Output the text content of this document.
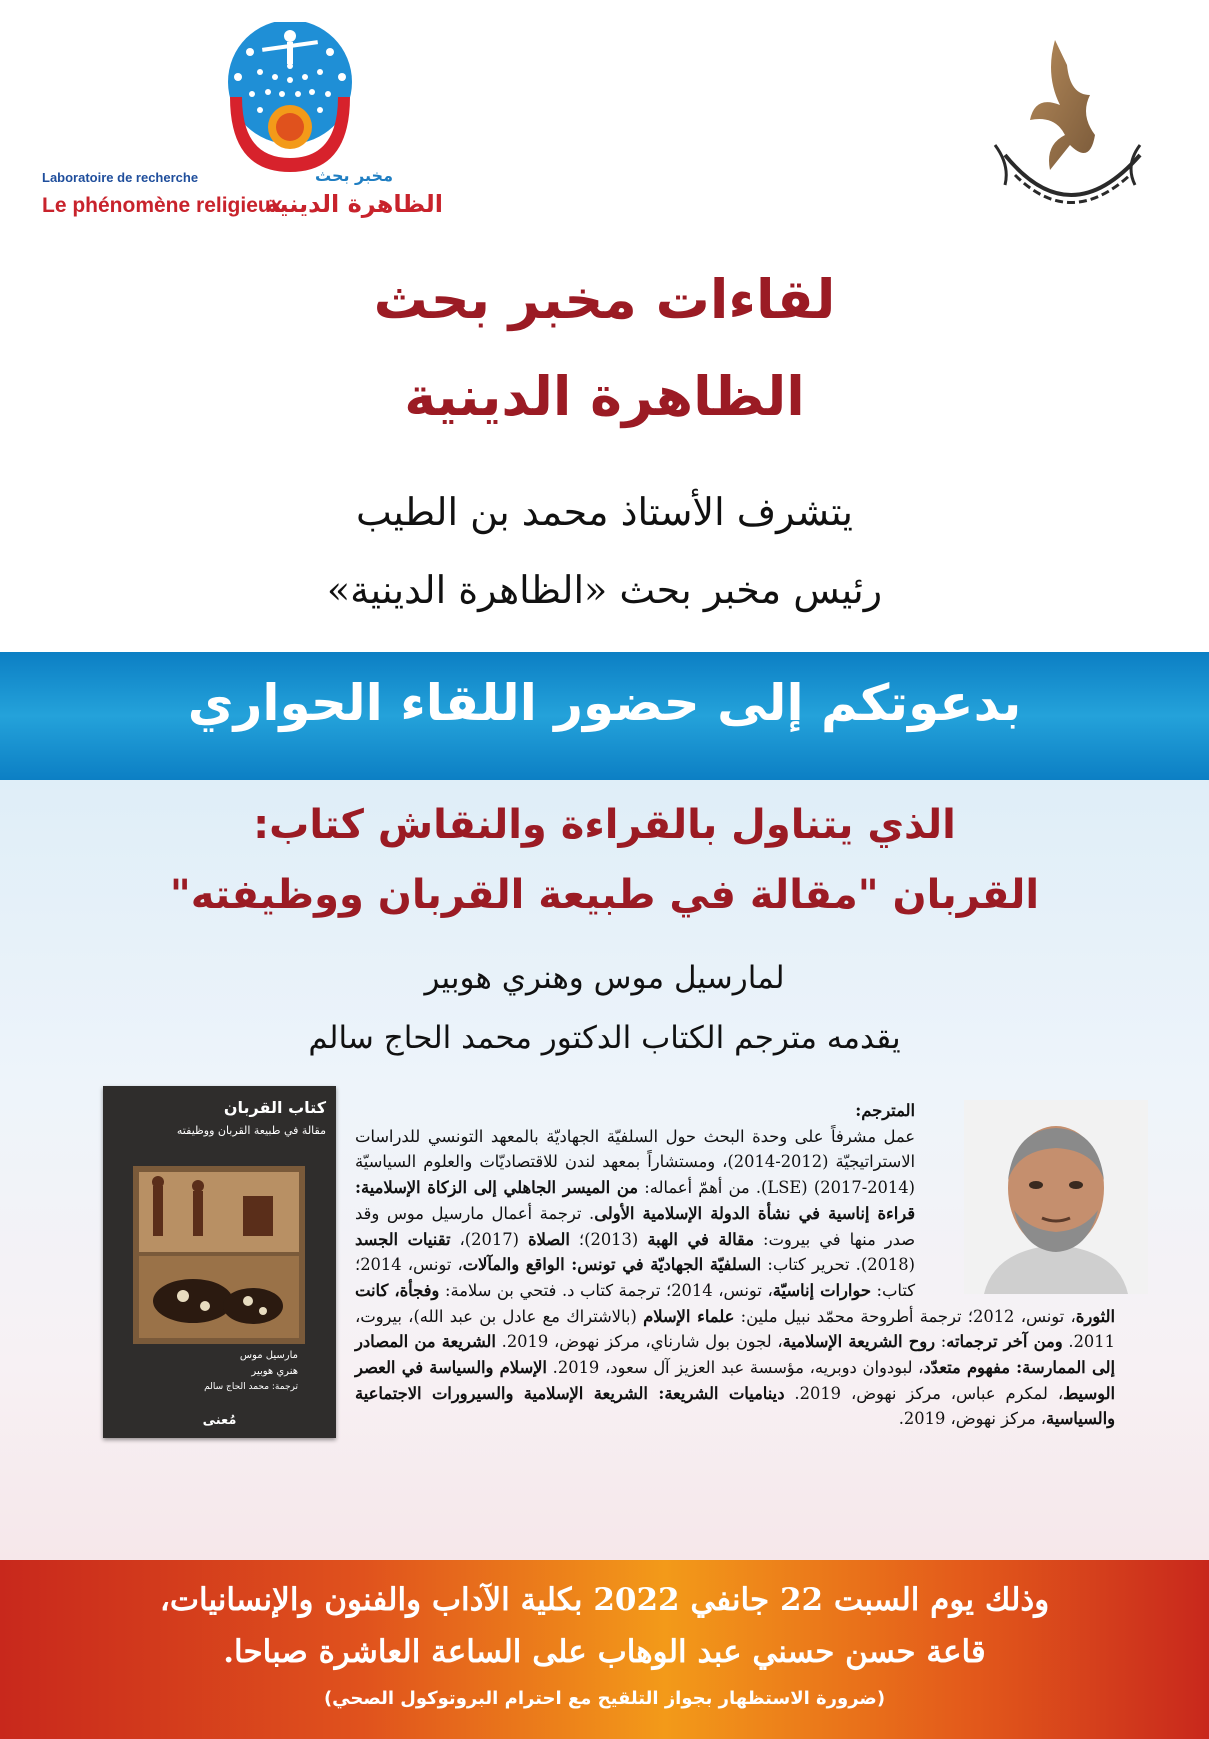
Laboratoire de recherche
Le phénomène religieux
مخبر بحث
الظاهرة الدينية
لقاءات مخبر بحث
الظاهرة الدينية
يتشرف الأستاذ محمد بن الطيب
رئيس مخبر بحث «الظاهرة الدينية»
بدعوتكم إلى حضور اللقاء الحواري
الذي يتناول بالقراءة والنقاش كتاب:
القربان "مقالة في طبيعة القربان ووظيفته"
لمارسيل موس وهنري هوبير
يقدمه مترجم الكتاب الدكتور محمد الحاج سالم
كتاب القربان
مقالة في طبيعة القربان ووظيفته
مارسيل موس
هنري هوبير
ترجمة: محمد الحاج سالم
مُعنى
المترجم:
عمل مشرفاً على وحدة البحث حول السلفيّة الجهاديّة بالمعهد التونسي للدراسات الاستراتيجيّة (2012-2014)، ومستشاراً بمعهد لندن للاقتصاديّات والعلوم السياسيّة (2014-2017) (LSE). من أهمّ أعماله: من الميسر الجاهلي إلى الزكاة الإسلامية: قراءة إناسية في نشأة الدولة الإسلامية الأولى. ترجمة أعمال مارسيل موس وقد صدر منها في بيروت: مقالة في الهبة (2013)؛ الصلاة (2017)، تقنيات الجسد (2018). تحرير كتاب: السلفيّة الجهاديّة في تونس: الواقع والمآلات، تونس، 2014؛ كتاب: حوارات إناسيّة، تونس، 2014؛ ترجمة كتاب د. فتحي بن سلامة: وفجأة، كانت الثورة، تونس، 2012؛ ترجمة أطروحة محمّد نبيل ملين: علماء الإسلام (بالاشتراك مع عادل بن عبد الله)، بيروت، 2011. ومن آخر ترجماته: روح الشريعة الإسلامية، لجون بول شارناي، مركز نهوض، 2019. الشريعة من المصادر إلى الممارسة: مفهوم متعدّد، لبودوان دوبريه، مؤسسة عبد العزيز آل سعود، 2019. الإسلام والسياسة في العصر الوسيط، لمكرم عباس، مركز نهوض، 2019. ديناميات الشريعة: الشريعة الإسلامية والسيرورات الاجتماعية والسياسية، مركز نهوض، 2019.
وذلك يوم السبت 22 جانفي 2022 بكلية الآداب والفنون والإنسانيات،
قاعة حسن حسني عبد الوهاب على الساعة العاشرة صباحا.
(ضرورة الاستظهار بجواز التلقيح مع احترام البروتوكول الصحي)
